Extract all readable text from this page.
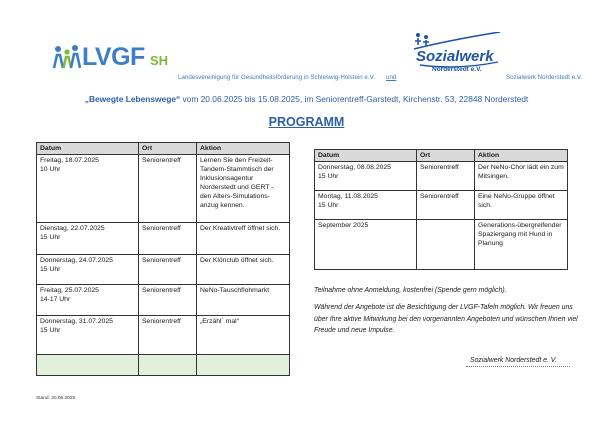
LVGF SH
Landesvereinigung für Gesundheitsförderung in Schleswig-Holstein e.V. und
Sozialwerk
Norderstedt e.V.
Sozialwerk Norderstedt e.V.
„Bewegte Lebenswege“ vom 20.06.2025 bis 15.08.2025, im Seniorentreff-Garstedt, Kirchenstr. 53, 22848 Norderstedt
PROGRAMM
Datum	Ort	Aktion

Freitag, 18.07.2025
10 Uhr	Seniorentreff	Lernen Sie den Freizeit-Tandem-Stammtisch der Inklusionsagentur Norderstedt und GERT - den Alters-Simulations-anzug kennen.

Dienstag, 22.07.2025
15 Uhr	Seniorentreff	Der Kreativtreff öffnet sich.

Donnerstag, 24.07.2025
15 Uhr	Seniorentreff	Der Klönclub öffnet sich.

Freitag, 25.07.2025
14-17 Uhr	Seniorentreff	NeNo-Tauschflohmarkt

Donnerstag, 31.07.2025
15 Uhr	Seniorentreff	„Erzähl´ mal“

Datum	Ort	Aktion

Donnerstag, 08.08.2025
15 Uhr	Seniorentreff	Der NeNo-Chor lädt ein zum Mitsingen.

Montag, 11.08.2025
15 Uhr	Seniorentreff	Eine NeNo-Gruppe öffnet sich.

September 2025		Generations-übergreifender Spaziergang mit Hund in Planung

Teilnahme ohne Anmeldung, kostenfrei (Spende gern möglich).

Während der Angebote ist die Besichtigung der LVGF-Tafeln möglich. Wir freuen uns über Ihre aktive Mitwirkung bei den vorgenannten Angeboten und wünschen Ihnen viel Freude und neue Impulse.

Sozialwerk Norderstedt e. V.
Stand: 20.06.2025
